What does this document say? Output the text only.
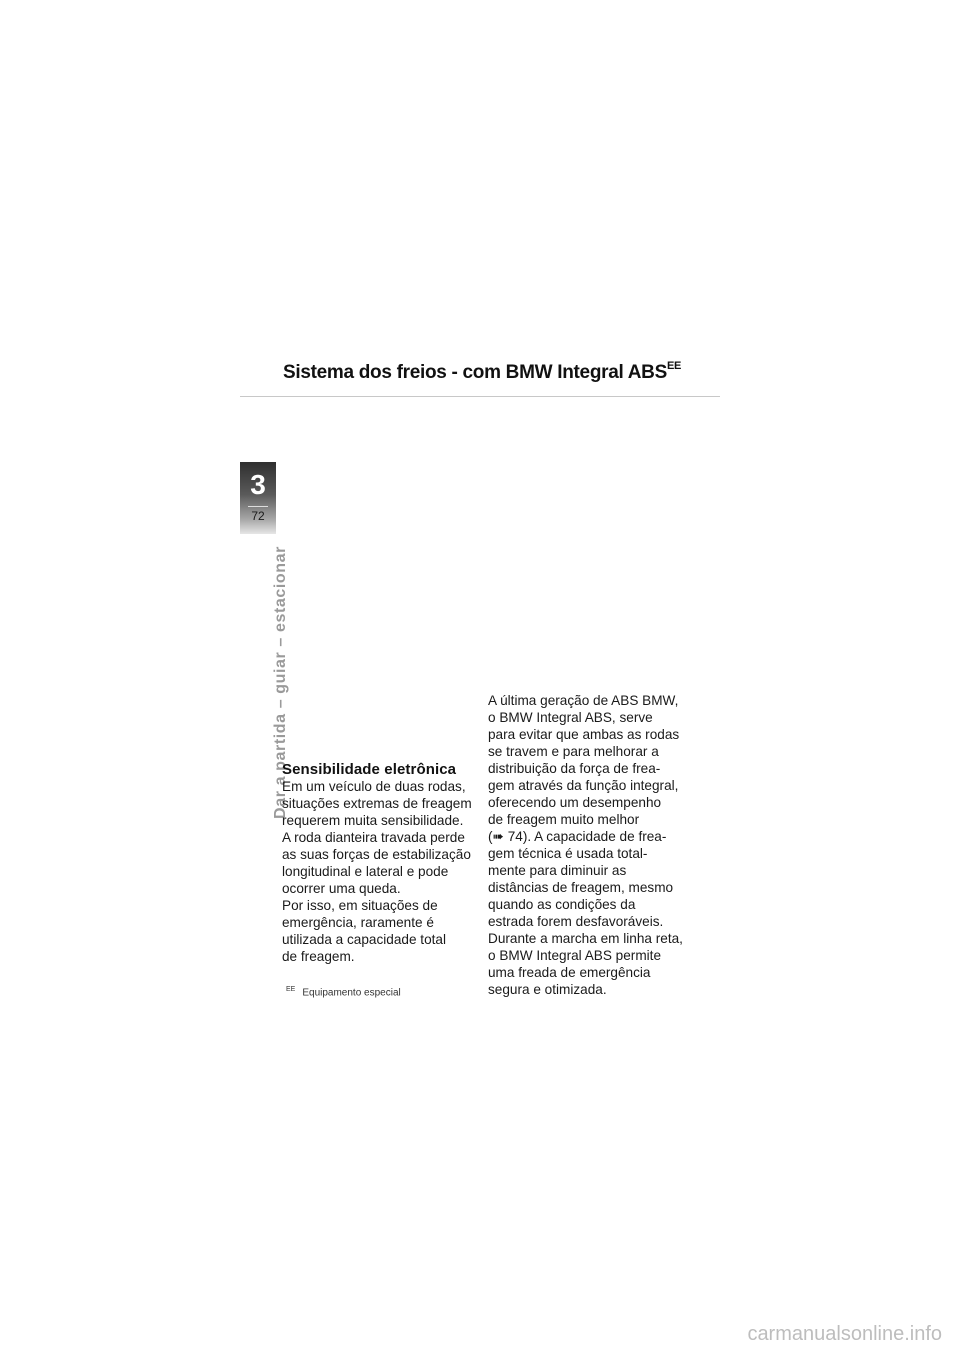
Sistema dos freios - com BMW Integral $ABS^{EE}$
3
72
Dar a partida – guiar – estacionar
Sensibilidade eletrônica

Em um veículo de duas rodas,
situações extremas de freagem
requerem muita sensibilidade.
A roda dianteira travada perde
as suas forças de estabilização
longitudinal e lateral e pode
ocorrer uma queda.
Por isso, em situações de
emergência, raramente é
utilizada a capacidade total
de freagem.

$^{EE}$ Equipamento especial

A última geração de ABS BMW,
o BMW Integral ABS, serve
para evitar que ambas as rodas
se travem e para melhorar a
distribuição da força de frea-
gem através da função integral,
oferecendo um desempenho
de freagem muito melhor
(➠ 74). A capacidade de frea-
gem técnica é usada total-
mente para diminuir as
distâncias de freagem, mesmo
quando as condições da
estrada forem desfavoráveis.
Durante a marcha em linha reta,
o BMW Integral ABS permite
uma freada de emergência
segura e otimizada.

carmanualsonline.info
